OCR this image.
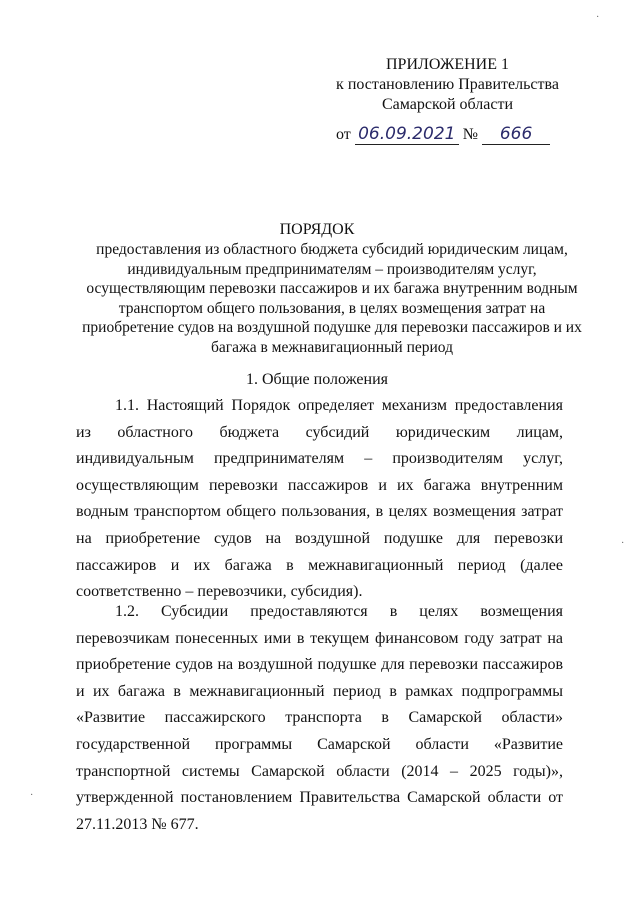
ПРИЛОЖЕНИЕ 1
к постановлению Правительства
Самарской области
от 06.09.2021 № 666
ПОРЯДОК
предоставления из областного бюджета субсидий юридическим лицам, индивидуальным предпринимателям – производителям услуг, осуществляющим перевозки пассажиров и их багажа внутренним водным транспортом общего пользования, в целях возмещения затрат на приобретение судов на воздушной подушке для перевозки пассажиров и их багажа в межнавигационный период
1. Общие положения

1.1. Настоящий Порядок определяет механизм предоставления из областного бюджета субсидий юридическим лицам, индивидуальным предпринимателям – производителям услуг, осуществляющим перевозки пассажиров и их багажа внутренним водным транспортом общего пользования, в целях возмещения затрат на приобретение судов на воздушной подушке для перевозки пассажиров и их багажа в межнавигационный период (далее соответственно – перевозчики, субсидия).

1.2. Субсидии предоставляются в целях возмещения перевозчикам понесенных ими в текущем финансовом году затрат на приобретение судов на воздушной подушке для перевозки пассажиров и их багажа в межнавигационный период в рамках подпрограммы «Развитие пассажирского транспорта в Самарской области» государственной программы Самарской области «Развитие транспортной системы Самарской области (2014 – 2025 годы)», утвержденной постановлением Правительства Самарской области от 27.11.2013 № 677.

·
·
·
